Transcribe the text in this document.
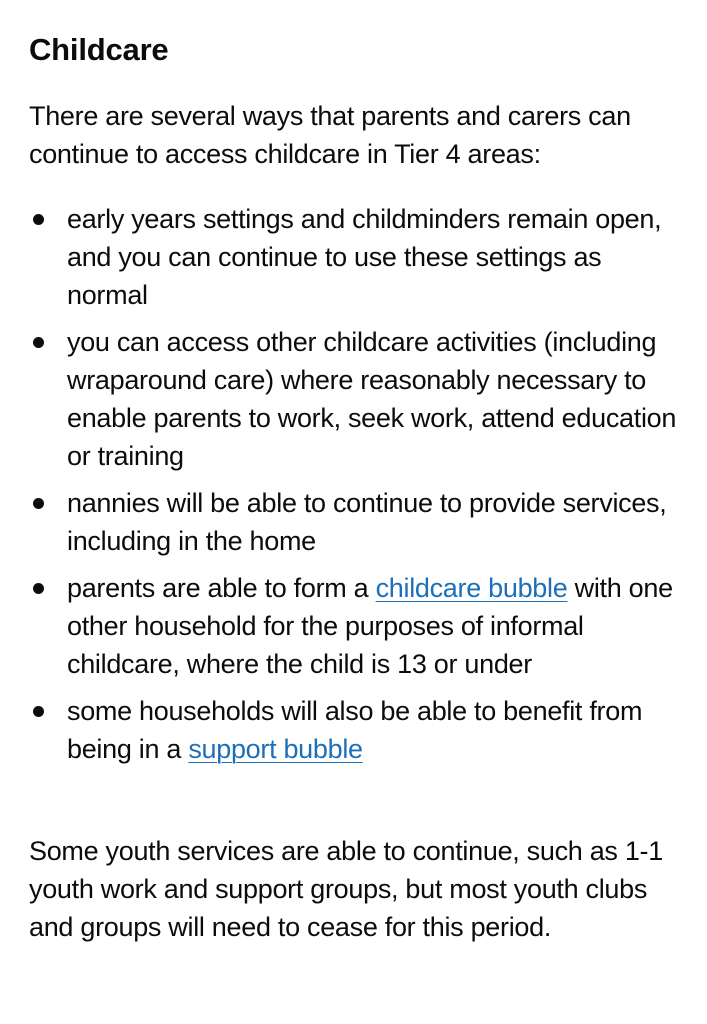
Childcare

There are several ways that parents and carers can continue to access childcare in Tier 4 areas:

early years settings and childminders remain open, and you can continue to use these settings as normal
you can access other childcare activities (including wraparound care) where reasonably necessary to enable parents to work, seek work, attend education or training
nannies will be able to continue to provide services, including in the home
parents are able to form a childcare bubble with one other household for the purposes of informal childcare, where the child is 13 or under
some households will also be able to benefit from being in a support bubble

Some youth services are able to continue, such as 1-1 youth work and support groups, but most youth clubs and groups will need to cease for this period.
